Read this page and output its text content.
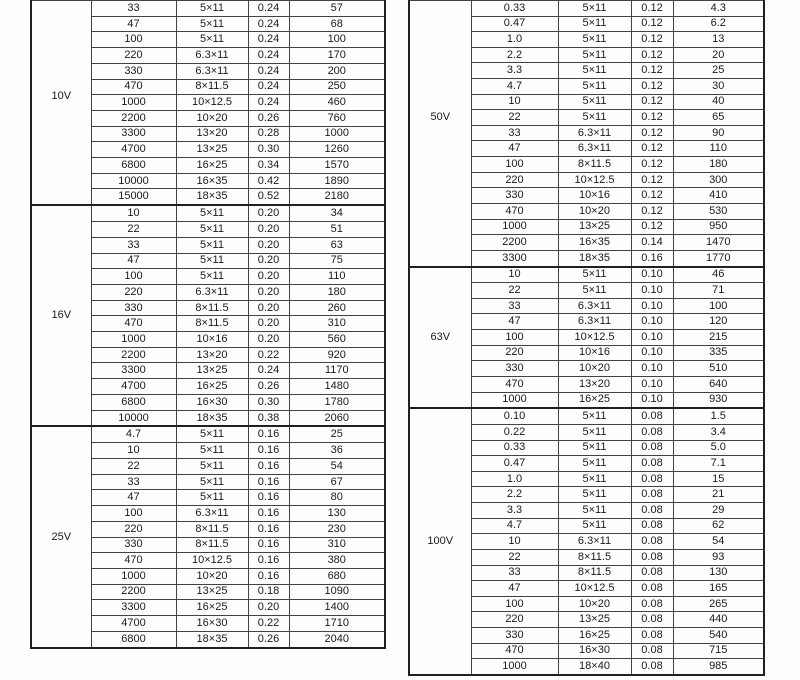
10V	33	5×11	0.24	57
	47	5×11	0.24	68
	100	5×11	0.24	100
	220	6.3×11	0.24	170
	330	6.3×11	0.24	200
	470	8×11.5	0.24	250
	1000	10×12.5	0.24	460
	2200	10×20	0.26	760
	3300	13×20	0.28	1000
	4700	13×25	0.30	1260
	6800	16×25	0.34	1570
	10000	16×35	0.42	1890
	15000	18×35	0.52	2180
16V	10	5×11	0.20	34
	22	5×11	0.20	51
	33	5×11	0.20	63
	47	5×11	0.20	75
	100	5×11	0.20	110
	220	6.3×11	0.20	180
	330	8×11.5	0.20	260
	470	8×11.5	0.20	310
	1000	10×16	0.20	560
	2200	13×20	0.22	920
	3300	13×25	0.24	1170
	4700	16×25	0.26	1480
	6800	16×30	0.30	1780
	10000	18×35	0.38	2060
25V	4.7	5×11	0.16	25
	10	5×11	0.16	36
	22	5×11	0.16	54
	33	5×11	0.16	67
	47	5×11	0.16	80
	100	6.3×11	0.16	130
	220	8×11.5	0.16	230
	330	8×11.5	0.16	310
	470	10×12.5	0.16	380
	1000	10×20	0.16	680
	2200	13×25	0.18	1090
	3300	16×25	0.20	1400
	4700	16×30	0.22	1710
	6800	18×35	0.26	2040
50V	0.33	5×11	0.12	4.3
	0.47	5×11	0.12	6.2
	1.0	5×11	0.12	13
	2.2	5×11	0.12	20
	3.3	5×11	0.12	25
	4.7	5×11	0.12	30
	10	5×11	0.12	40
	22	5×11	0.12	65
	33	6.3×11	0.12	90
	47	6.3×11	0.12	110
	100	8×11.5	0.12	180
	220	10×12.5	0.12	300
	330	10×16	0.12	410
	470	10×20	0.12	530
	1000	13×25	0.12	950
	2200	16×35	0.14	1470
	3300	18×35	0.16	1770
63V	10	5×11	0.10	46
	22	5×11	0.10	71
	33	6.3×11	0.10	100
	47	6.3×11	0.10	120
	100	10×12.5	0.10	215
	220	10×16	0.10	335
	330	10×20	0.10	510
	470	13×20	0.10	640
	1000	16×25	0.10	930
100V	0.10	5×11	0.08	1.5
	0.22	5×11	0.08	3.4
	0.33	5×11	0.08	5.0
	0.47	5×11	0.08	7.1
	1.0	5×11	0.08	15
	2.2	5×11	0.08	21
	3.3	5×11	0.08	29
	4.7	5×11	0.08	62
	10	6.3×11	0.08	54
	22	8×11.5	0.08	93
	33	8×11.5	0.08	130
	47	10×12.5	0.08	165
	100	10×20	0.08	265
	220	13×25	0.08	440
	330	16×25	0.08	540
	470	16×30	0.08	715
	1000	18×40	0.08	985
